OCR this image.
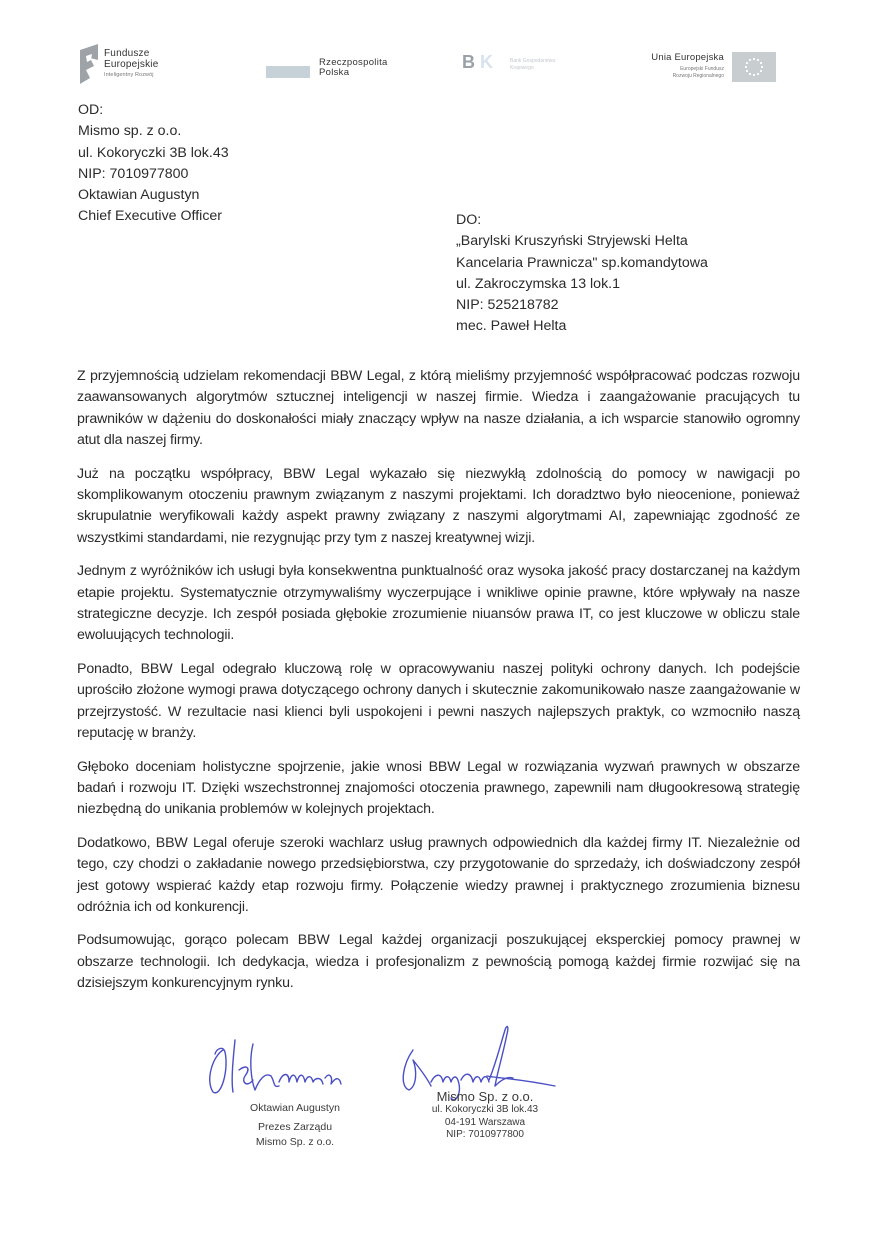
Fundusze
Europejskie
Inteligentny Rozwój
Rzeczpospolita
Polska
B K	Bank Gospodarstwa
Krajowego
Unia Europejska
Europejski Fundusz
Rozwoju Regionalnego
OD:
Mismo sp. z o.o.
ul. Kokoryczki 3B lok.43
NIP: 7010977800
Oktawian Augustyn
Chief Executive Officer	DO:
„Barylski Kruszyński Stryjewski Helta
Kancelaria Prawnicza" sp.komandytowa
ul. Zakroczymska 13 lok.1
NIP: 525218782
mec. Paweł Helta

Z przyjemnością udzielam rekomendacji BBW Legal, z którą mieliśmy przyjemność współpracować podczas rozwoju zaawansowanych algorytmów sztucznej inteligencji w naszej firmie. Wiedza i zaangażowanie pracujących tu prawników w dążeniu do doskonałości miały znaczący wpływ na nasze działania, a ich wsparcie stanowiło ogromny atut dla naszej firmy.

Już na początku współpracy, BBW Legal wykazało się niezwykłą zdolnością do pomocy w nawigacji po skomplikowanym otoczeniu prawnym związanym z naszymi projektami. Ich doradztwo było nieocenione, ponieważ skrupulatnie weryfikowali każdy aspekt prawny związany z naszymi algorytmami AI, zapewniając zgodność ze wszystkimi standardami, nie rezygnując przy tym z naszej kreatywnej wizji.

Jednym z wyróżników ich usługi była konsekwentna punktualność oraz wysoka jakość pracy dostarczanej na każdym etapie projektu. Systematycznie otrzymywaliśmy wyczerpujące i wnikliwe opinie prawne, które wpływały na nasze strategiczne decyzje. Ich zespół posiada głębokie zrozumienie niuansów prawa IT, co jest kluczowe w obliczu stale ewoluujących technologii.

Ponadto, BBW Legal odegrało kluczową rolę w opracowywaniu naszej polityki ochrony danych. Ich podejście uprościło złożone wymogi prawa dotyczącego ochrony danych i skutecznie zakomunikowało nasze zaangażowanie w przejrzystość. W rezultacie nasi klienci byli uspokojeni i pewni naszych najlepszych praktyk, co wzmocniło naszą reputację w branży.

Głęboko doceniam holistyczne spojrzenie, jakie wnosi BBW Legal w rozwiązania wyzwań prawnych w obszarze badań i rozwoju IT. Dzięki wszechstronnej znajomości otoczenia prawnego, zapewnili nam długookresową strategię niezbędną do unikania problemów w kolejnych projektach.

Dodatkowo, BBW Legal oferuje szeroki wachlarz usług prawnych odpowiednich dla każdej firmy IT. Niezależnie od tego, czy chodzi o zakładanie nowego przedsiębiorstwa, czy przygotowanie do sprzedaży, ich doświadczony zespół jest gotowy wspierać każdy etap rozwoju firmy. Połączenie wiedzy prawnej i praktycznego zrozumienia biznesu odróżnia ich od konkurencji.

Podsumowując, gorąco polecam BBW Legal każdej organizacji poszukującej eksperckiej pomocy prawnej w obszarze technologii. Ich dedykacja, wiedza i profesjonalizm z pewnością pomogą każdej firmie rozwijać się na dzisiejszym konkurencyjnym rynku.

Oktawian Augustyn
Prezes Zarządu
Mismo Sp. z o.o.
Mismo Sp. z o.o.
ul. Kokoryczki 3B lok.43
04-191 Warszawa
NIP: 7010977800
